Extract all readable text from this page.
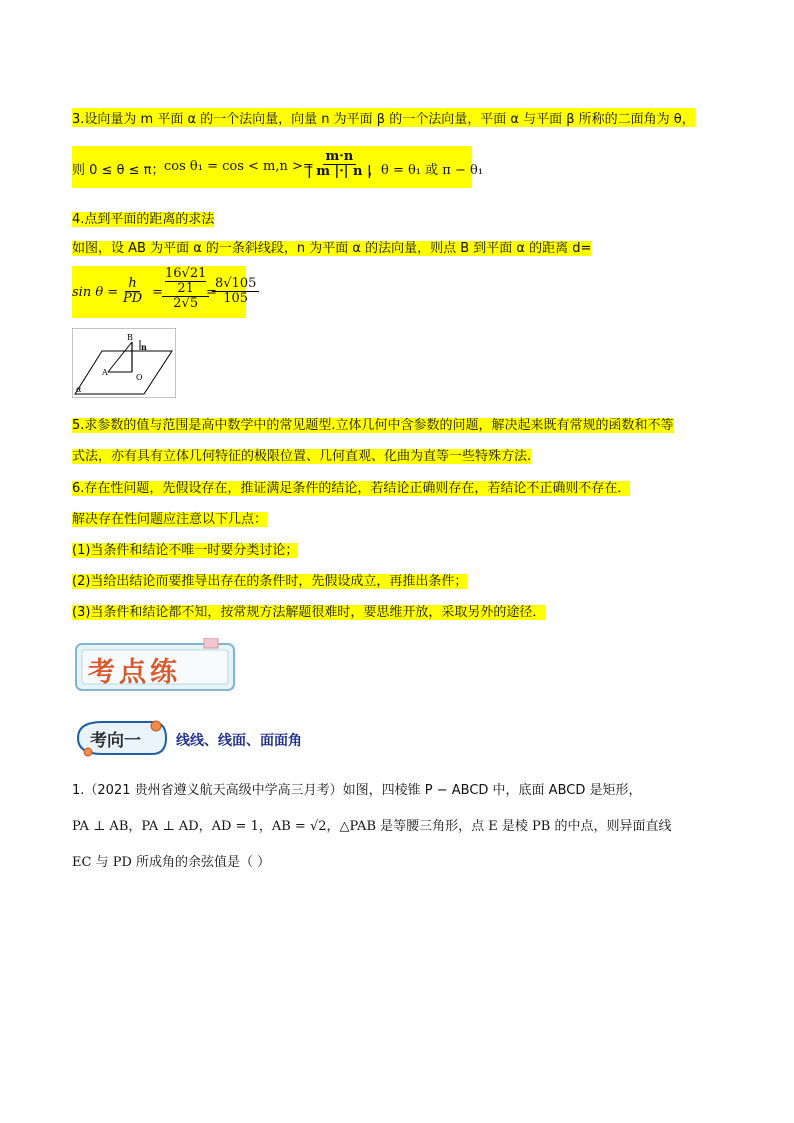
3.设向量为 m 平面 α 的一个法向量，向量 n 为平面 β 的一个法向量，平面 α 与平面 β 所称的二面角为 θ，
则 0 ≤ θ ≤ π； cos θ₁ = cos < m,n >=
$\frac{m\cdot n}{| m |\cdot| n |}$
，θ = θ₁ 或 π − θ₁
4.点到平面的距离的求法
如图，设 AB 为平面 α 的一条斜线段，n 为平面 α 的法向量，则点 B 到平面 α 的距离 d=
$\sin \theta = \frac{h}{PD} = 16√21$
21
2√5
=
$\frac{8√105}{105}$
B
n
A
O
α
5.求参数的值与范围是高中数学中的常见题型.立体几何中含参数的问题，解决起来既有常规的函数和不等
式法，亦有具有立体几何特征的极限位置、几何直观、化曲为直等一些特殊方法.
6.存在性问题，先假设存在，推证满足条件的结论，若结论正确则存在，若结论不正确则不存在．
解决存在性问题应注意以下几点：
(1)当条件和结论不唯一时要分类讨论；
(2)当给出结论而要推导出存在的条件时，先假设成立，再推出条件；
(3)当条件和结论都不知，按常规方法解题很难时，要思维开放，采取另外的途径．
考点练
考向一	线线、线面、面面角
1.（2021 贵州省遵义航天高级中学高三月考）如图，四棱锥 P − ABCD 中，底面 ABCD 是矩形，
PA ⊥ AB，PA ⊥ AD，AD = 1，AB = √2，△PAB 是等腰三角形，点 E 是棱 PB 的中点，则异面直线
EC 与 PD 所成角的余弦值是（ ）
